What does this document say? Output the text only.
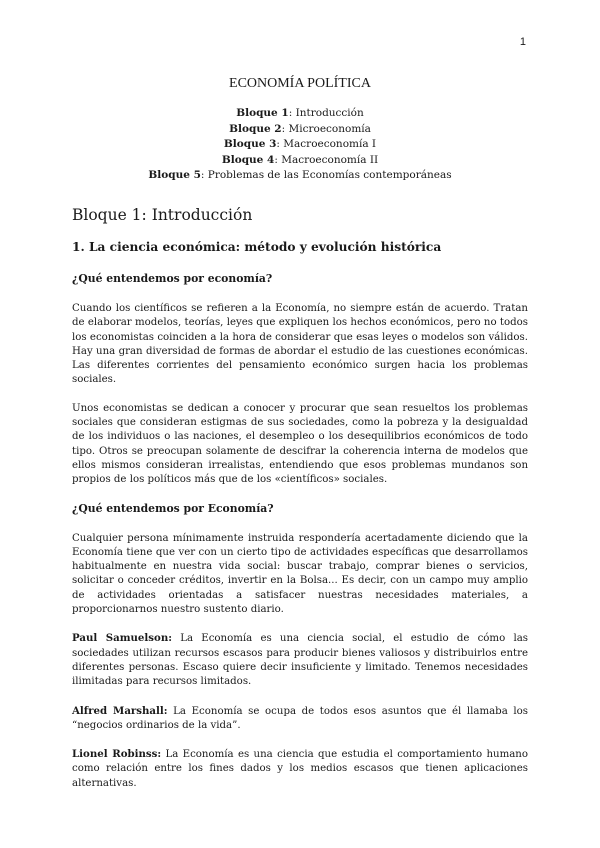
1
ECONOMÍA POLÍTICA
Bloque 1: Introducción
Bloque 2: Microeconomía
Bloque 3: Macroeconomía I
Bloque 4: Macroeconomía II
Bloque 5: Problemas de las Economías contemporáneas
Bloque 1: Introducción
1. La ciencia económica: método y evolución histórica
¿Qué entendemos por economía?

Cuando los científicos se refieren a la Economía, no siempre están de acuerdo. Tratan de elaborar modelos, teorías, leyes que expliquen los hechos económicos, pero no todos los economistas coinciden a la hora de considerar que esas leyes o modelos son válidos. Hay una gran diversidad de formas de abordar el estudio de las cuestiones económicas. Las diferentes corrientes del pensamiento económico surgen hacia los problemas sociales.

Unos economistas se dedican a conocer y procurar que sean resueltos los problemas sociales que consideran estigmas de sus sociedades, como la pobreza y la desigualdad de los individuos o las naciones, el desempleo o los desequilibrios económicos de todo tipo. Otros se preocupan solamente de descifrar la coherencia interna de modelos que ellos mismos consideran irrealistas, entendiendo que esos problemas mundanos son propios de los políticos más que de los «científicos» sociales.

¿Qué entendemos por Economía?

Cualquier persona mínimamente instruida respondería acertadamente diciendo que la Economía tiene que ver con un cierto tipo de actividades específicas que desarrollamos habitualmente en nuestra vida social: buscar trabajo, comprar bienes o servicios, solicitar o conceder créditos, invertir en la Bolsa... Es decir, con un campo muy amplio de actividades orientadas a satisfacer nuestras necesidades materiales, a proporcionarnos nuestro sustento diario.

Paul Samuelson: La Economía es una ciencia social, el estudio de cómo las sociedades utilizan recursos escasos para producir bienes valiosos y distribuirlos entre diferentes personas. Escaso quiere decir insuficiente y limitado. Tenemos necesidades ilimitadas para recursos limitados.

Alfred Marshall: La Economía se ocupa de todos esos asuntos que él llamaba los “negocios ordinarios de la vida”.

Lionel Robinss: La Economía es una ciencia que estudia el comportamiento humano como relación entre los fines dados y los medios escasos que tienen aplicaciones alternativas.
